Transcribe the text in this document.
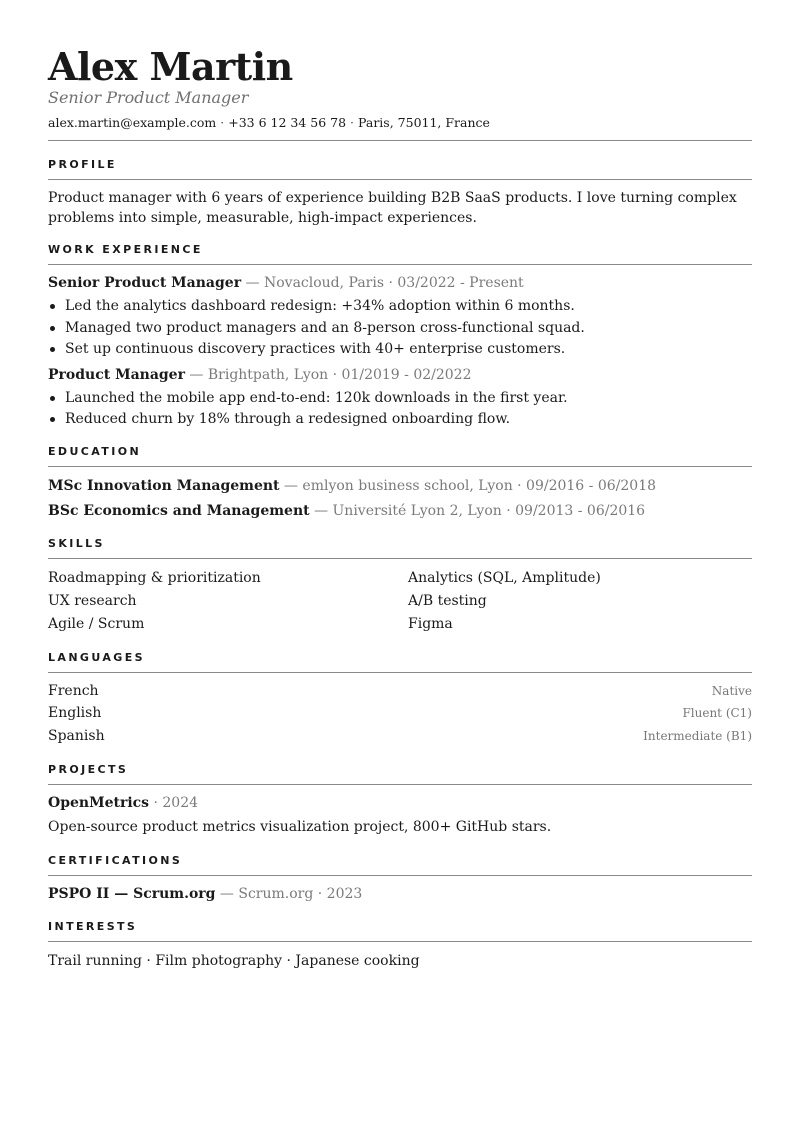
Alex Martin
Senior Product Manager
alex.martin@example.com · +33 6 12 34 56 78 · Paris, 75011, France
PROFILE
Product manager with 6 years of experience building B2B SaaS products. I love turning complex problems into simple, measurable, high-impact experiences.
WORK EXPERIENCE
Senior Product Manager — Novacloud, Paris · 03/2022 - Present
Led the analytics dashboard redesign: +34% adoption within 6 months.
Managed two product managers and an 8-person cross-functional squad.
Set up continuous discovery practices with 40+ enterprise customers.
Product Manager — Brightpath, Lyon · 01/2019 - 02/2022
Launched the mobile app end-to-end: 120k downloads in the first year.
Reduced churn by 18% through a redesigned onboarding flow.
EDUCATION
MSc Innovation Management — emlyon business school, Lyon · 09/2016 - 06/2018
BSc Economics and Management — Université Lyon 2, Lyon · 09/2013 - 06/2016
SKILLS
Roadmapping & prioritization	Analytics (SQL, Amplitude)
UX research	A/B testing
Agile / Scrum	Figma
LANGUAGES
French	Native
English	Fluent (C1)
Spanish	Intermediate (B1)
PROJECTS
OpenMetrics · 2024
Open-source product metrics visualization project, 800+ GitHub stars.
CERTIFICATIONS
PSPO II — Scrum.org — Scrum.org · 2023
INTERESTS
Trail running · Film photography · Japanese cooking
